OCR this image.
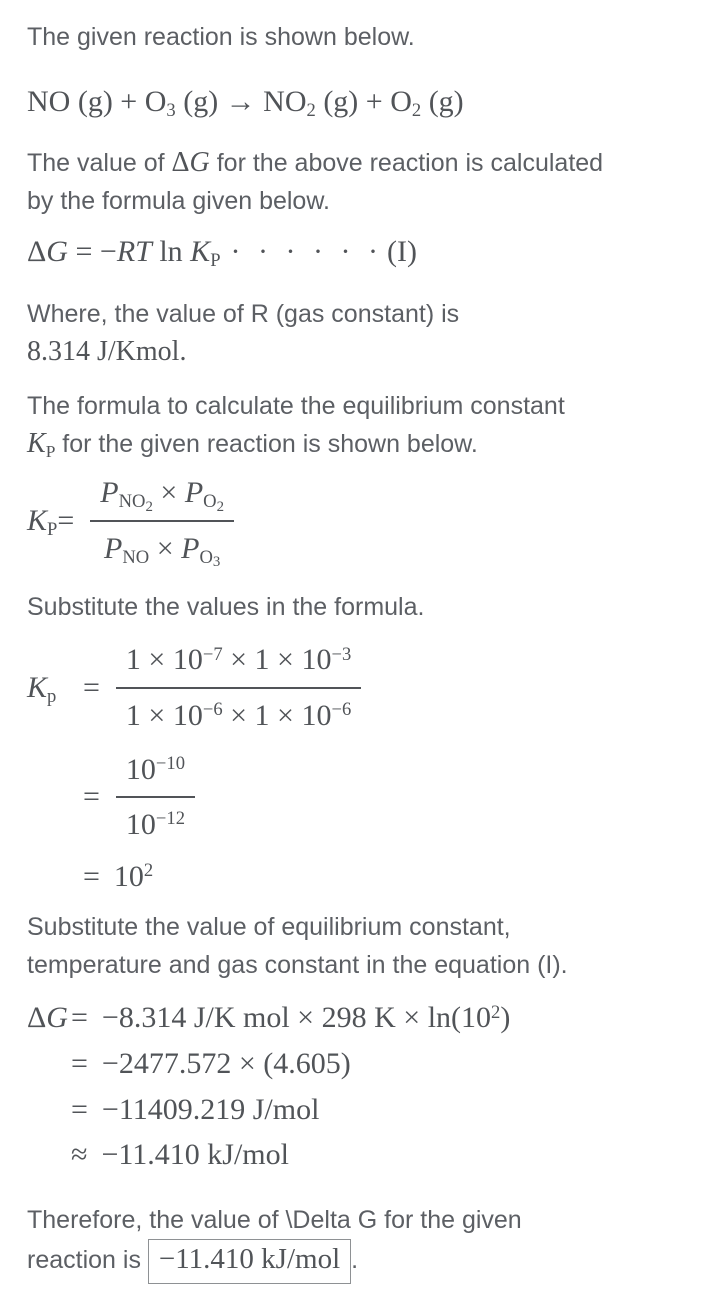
The given reaction is shown below.

NO $(g) + O_3$ $(g) \to NO_2$ $(g) + O_2$ (g)

The value of ΔG for the above reaction is calculated
by the formula given below.

ΔG = −RT $\ln K_P$ · · · · · · (I)

Where, the value of R (gas constant) is
8.314 J/Kmol.

The formula to calculate the equilibrium constant
$K_P$ for the given reaction is shown below.

$K_P = \frac{P_{NO_2} \times P_{O_2}}{P_{NO} \times P_{O_3}}$

Substitute the values in the formula.

$K_p = \frac{1 \times 10^{-7} \times 1 \times 10^{-3}}{1 \times 10^{-6} \times 1 \times 10^{-6}}$
= $\frac{10^{-10}}{10^{-12}}$
= $10^2$

Substitute the value of equilibrium constant,
temperature and gas constant in the equation (I).

ΔG = −8.314 J/K mol × 298 $K \times \ln(10^2)$
= −2477.572 × (4.605)
= −11409.219 J/mol
≈ −11.410 kJ/mol

Therefore, the value of \Delta G for the given
reaction is −11.410 kJ/mol .
